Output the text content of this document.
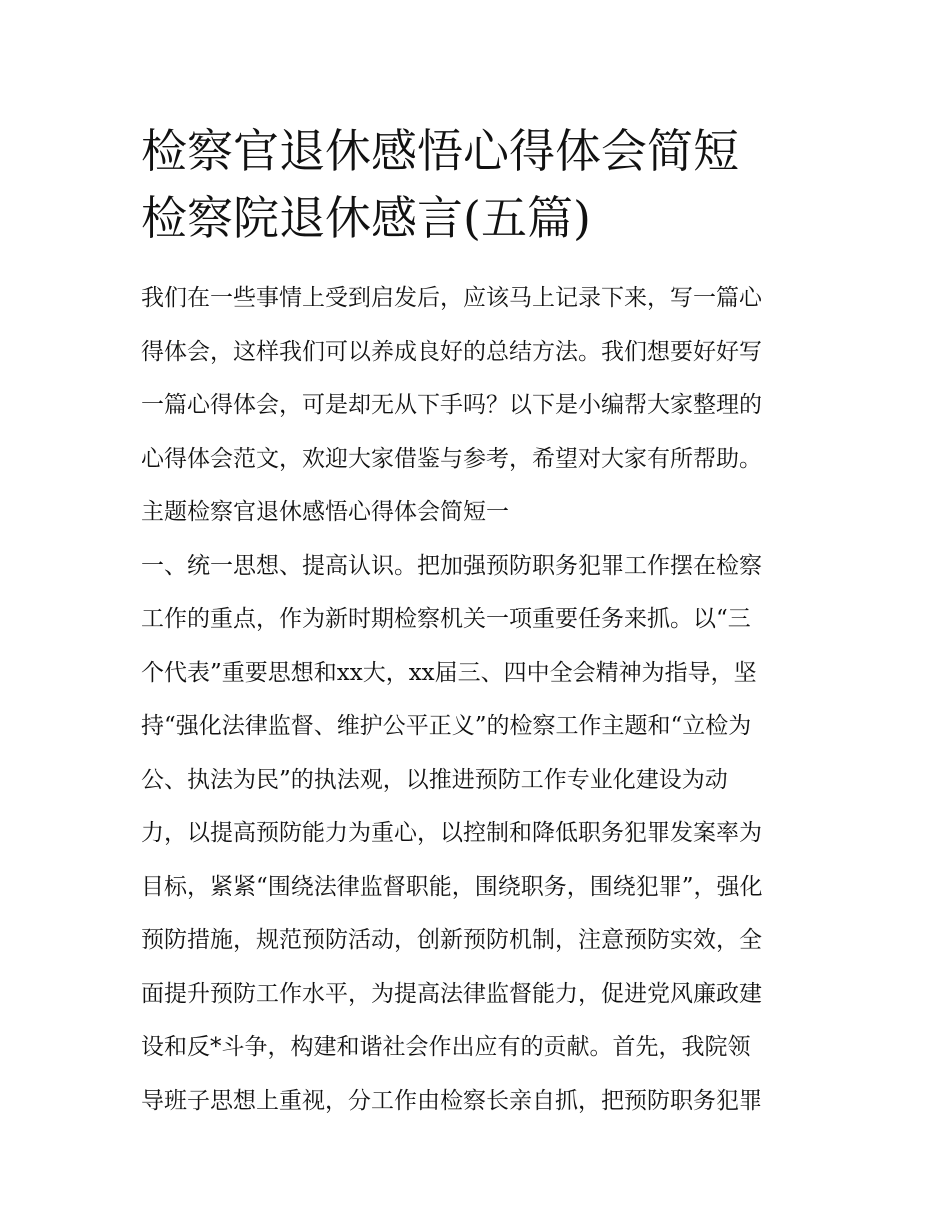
检察官退休感悟心得体会简短
检察院退休感言(五篇)
我们在一些事情上受到启发后，应该马上记录下来，写一篇心
得体会，这样我们可以养成良好的总结方法。我们想要好好写
一篇心得体会，可是却无从下手吗？以下是小编帮大家整理的
心得体会范文，欢迎大家借鉴与参考，希望对大家有所帮助。
主题检察官退休感悟心得体会简短一
一、统一思想、提高认识。把加强预防职务犯罪工作摆在检察
工作的重点，作为新时期检察机关一项重要任务来抓。以“三
个代表”重要思想和xx大，xx届三、四中全会精神为指导，坚
持“强化法律监督、维护公平正义”的检察工作主题和“立检为
公、执法为民”的执法观，以推进预防工作专业化建设为动
力，以提高预防能力为重心，以控制和降低职务犯罪发案率为
目标，紧紧“围绕法律监督职能，围绕职务，围绕犯罪”，强化
预防措施，规范预防活动，创新预防机制，注意预防实效，全
面提升预防工作水平，为提高法律监督能力，促进党风廉政建
设和反*斗争，构建和谐社会作出应有的贡献。首先，我院领
导班子思想上重视，分工作由检察长亲自抓，把预防职务犯罪
